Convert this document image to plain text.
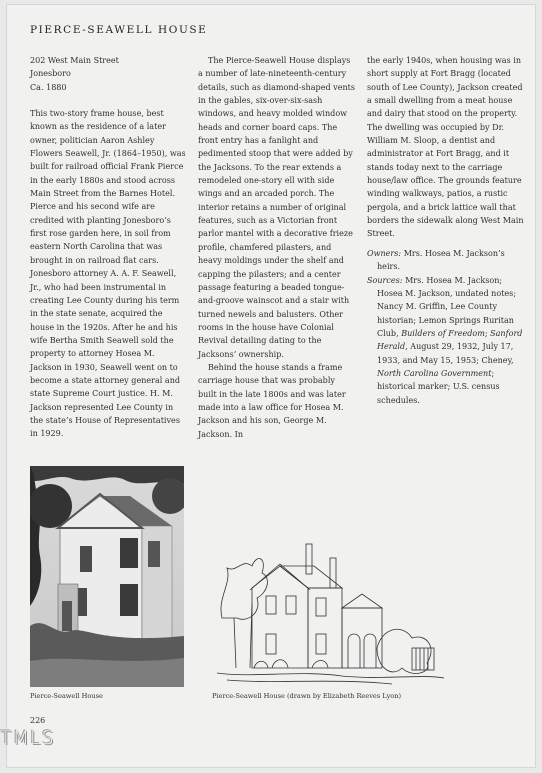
PIERCE-SEAWELL HOUSE
202 West Main Street
Jonesboro
Ca. 1880

This two-story frame house, best known as the residence of a later owner, politician Aaron Ashley Flowers Seawell, Jr. (1864–1950), was built for railroad official Frank Pierce in the early 1880s and stood across Main Street from the Barnes Hotel. Pierce and his second wife are credited with planting Jonesboro’s first rose garden here, in soil from eastern North Carolina that was brought in on railroad flat cars. Jonesboro attorney A. A. F. Seawell, Jr., who had been instrumental in creating Lee County during his term in the state senate, acquired the house in the 1920s. After he and his wife Bertha Smith Seawell sold the property to attorney Hosea M. Jackson in 1930, Seawell went on to become a state attorney general and state Supreme Court justice. H. M. Jackson represented Lee County in the state’s House of Representatives in 1929.

The Pierce-Seawell House displays a number of late-nineteenth-century details, such as diamond-shaped vents in the gables, six-over-six-sash windows, and heavy molded window heads and corner board caps. The front entry has a fanlight and pedimented stoop that were added by the Jacksons. To the rear extends a remodeled one-story ell with side wings and an arcaded porch. The interior retains a number of original features, such as a Victorian front parlor mantel with a decorative frieze profile, chamfered pilasters, and heavy moldings under the shelf and capping the pilasters; and a center passage featuring a beaded tongue-and-groove wainscot and a stair with turned newels and balusters. Other rooms in the house have Colonial Revival detailing dating to the Jacksons’ ownership.

Behind the house stands a frame carriage house that was probably built in the late 1800s and was later made into a law office for Hosea M. Jackson and his son, George M. Jackson. In

the early 1940s, when housing was in short supply at Fort Bragg (located south of Lee County), Jackson created a small dwelling from a meat house and dairy that stood on the property. The dwelling was occupied by Dr. William M. Sloop, a dentist and administrator at Fort Bragg, and it stands today next to the carriage house/law office. The grounds feature winding walkways, patios, a rustic pergola, and a brick lattice wall that borders the sidewalk along West Main Street.

Owners: Mrs. Hosea M. Jackson’s heirs.

Sources: Mrs. Hosea M. Jackson; Hosea M. Jackson, undated notes; Nancy M. Griffin, Lee County historian; Lemon Springs Ruritan Club, Builders of Freedom; Sanford Herald, August 29, 1932, July 17, 1933, and May 15, 1953; Cheney, North Carolina Government; historical marker; U.S. census schedules.

Pierce-Seawell House	Pierce-Seawell House (drawn by Elizabeth Reeves Lyon)
226
TMLS
